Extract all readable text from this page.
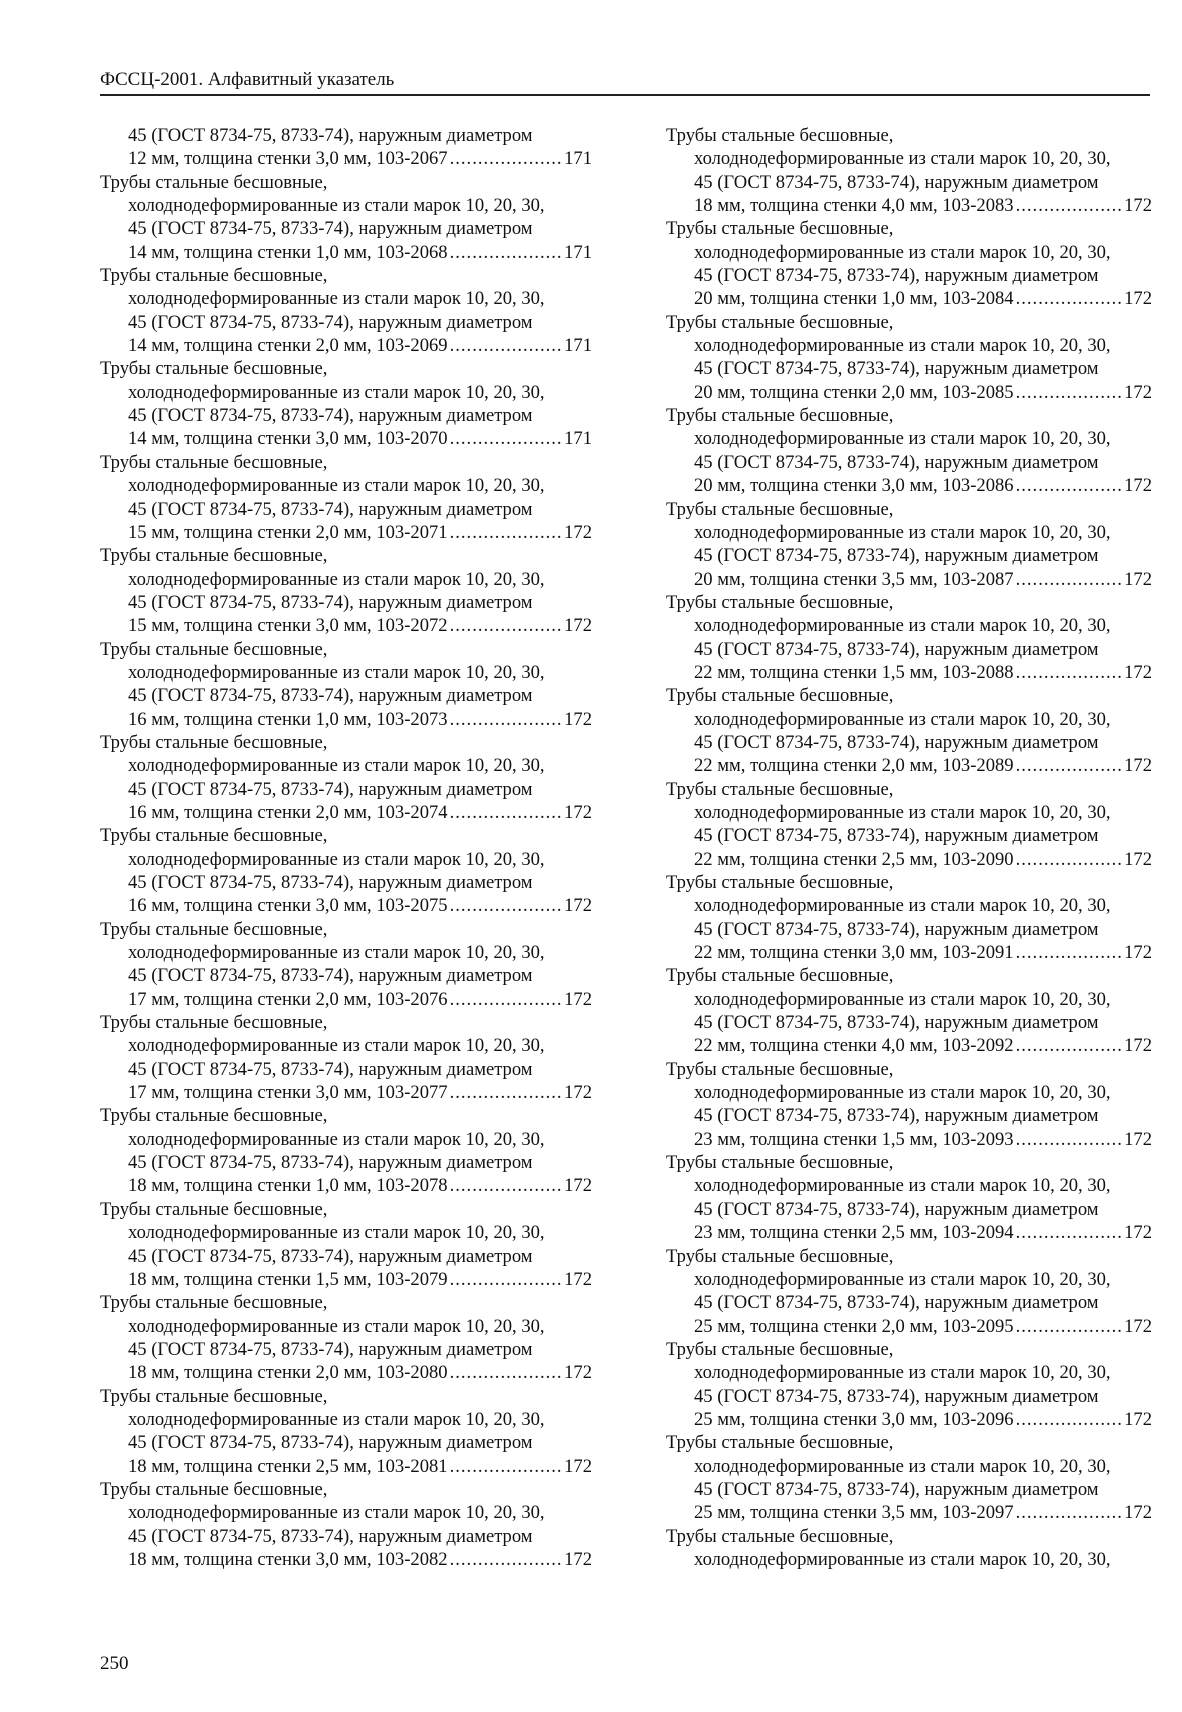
ФССЦ-2001. Алфавитный указатель
45 (ГОСТ 8734-75, 8733-74), наружным диаметром
12 мм, толщина стенки 3,0 мм, 103-2067 .....	171
Трубы стальные бесшовные,
холоднодеформированные из стали марок 10, 20, 30,
45 (ГОСТ 8734-75, 8733-74), наружным диаметром
14 мм, толщина стенки 1,0 мм, 103-2068 .....	171
Трубы стальные бесшовные,
холоднодеформированные из стали марок 10, 20, 30,
45 (ГОСТ 8734-75, 8733-74), наружным диаметром
14 мм, толщина стенки 2,0 мм, 103-2069 .....	171
Трубы стальные бесшовные,
холоднодеформированные из стали марок 10, 20, 30,
45 (ГОСТ 8734-75, 8733-74), наружным диаметром
14 мм, толщина стенки 3,0 мм, 103-2070 .....	171
Трубы стальные бесшовные,
холоднодеформированные из стали марок 10, 20, 30,
45 (ГОСТ 8734-75, 8733-74), наружным диаметром
15 мм, толщина стенки 2,0 мм, 103-2071 .....	172
Трубы стальные бесшовные,
холоднодеформированные из стали марок 10, 20, 30,
45 (ГОСТ 8734-75, 8733-74), наружным диаметром
15 мм, толщина стенки 3,0 мм, 103-2072 .....	172
Трубы стальные бесшовные,
холоднодеформированные из стали марок 10, 20, 30,
45 (ГОСТ 8734-75, 8733-74), наружным диаметром
16 мм, толщина стенки 1,0 мм, 103-2073 .....	172
Трубы стальные бесшовные,
холоднодеформированные из стали марок 10, 20, 30,
45 (ГОСТ 8734-75, 8733-74), наружным диаметром
16 мм, толщина стенки 2,0 мм, 103-2074 .....	172
Трубы стальные бесшовные,
холоднодеформированные из стали марок 10, 20, 30,
45 (ГОСТ 8734-75, 8733-74), наружным диаметром
16 мм, толщина стенки 3,0 мм, 103-2075 .....	172
Трубы стальные бесшовные,
холоднодеформированные из стали марок 10, 20, 30,
45 (ГОСТ 8734-75, 8733-74), наружным диаметром
17 мм, толщина стенки 2,0 мм, 103-2076 .....	172
Трубы стальные бесшовные,
холоднодеформированные из стали марок 10, 20, 30,
45 (ГОСТ 8734-75, 8733-74), наружным диаметром
17 мм, толщина стенки 3,0 мм, 103-2077 .....	172
Трубы стальные бесшовные,
холоднодеформированные из стали марок 10, 20, 30,
45 (ГОСТ 8734-75, 8733-74), наружным диаметром
18 мм, толщина стенки 1,0 мм, 103-2078 .....	172
Трубы стальные бесшовные,
холоднодеформированные из стали марок 10, 20, 30,
45 (ГОСТ 8734-75, 8733-74), наружным диаметром
18 мм, толщина стенки 1,5 мм, 103-2079 .....	172
Трубы стальные бесшовные,
холоднодеформированные из стали марок 10, 20, 30,
45 (ГОСТ 8734-75, 8733-74), наружным диаметром
18 мм, толщина стенки 2,0 мм, 103-2080 .....	172
Трубы стальные бесшовные,
холоднодеформированные из стали марок 10, 20, 30,
45 (ГОСТ 8734-75, 8733-74), наружным диаметром
18 мм, толщина стенки 2,5 мм, 103-2081 .....	172
Трубы стальные бесшовные,
холоднодеформированные из стали марок 10, 20, 30,
45 (ГОСТ 8734-75, 8733-74), наружным диаметром
18 мм, толщина стенки 3,0 мм, 103-2082 .....	172
Трубы стальные бесшовные,
холоднодеформированные из стали марок 10, 20, 30,
45 (ГОСТ 8734-75, 8733-74), наружным диаметром
18 мм, толщина стенки 4,0 мм, 103-2083 .....	172
Трубы стальные бесшовные,
холоднодеформированные из стали марок 10, 20, 30,
45 (ГОСТ 8734-75, 8733-74), наружным диаметром
20 мм, толщина стенки 1,0 мм, 103-2084 .....	172
Трубы стальные бесшовные,
холоднодеформированные из стали марок 10, 20, 30,
45 (ГОСТ 8734-75, 8733-74), наружным диаметром
20 мм, толщина стенки 2,0 мм, 103-2085 .....	172
Трубы стальные бесшовные,
холоднодеформированные из стали марок 10, 20, 30,
45 (ГОСТ 8734-75, 8733-74), наружным диаметром
20 мм, толщина стенки 3,0 мм, 103-2086 .....	172
Трубы стальные бесшовные,
холоднодеформированные из стали марок 10, 20, 30,
45 (ГОСТ 8734-75, 8733-74), наружным диаметром
20 мм, толщина стенки 3,5 мм, 103-2087 .....	172
Трубы стальные бесшовные,
холоднодеформированные из стали марок 10, 20, 30,
45 (ГОСТ 8734-75, 8733-74), наружным диаметром
22 мм, толщина стенки 1,5 мм, 103-2088 .....	172
Трубы стальные бесшовные,
холоднодеформированные из стали марок 10, 20, 30,
45 (ГОСТ 8734-75, 8733-74), наружным диаметром
22 мм, толщина стенки 2,0 мм, 103-2089 .....	172
Трубы стальные бесшовные,
холоднодеформированные из стали марок 10, 20, 30,
45 (ГОСТ 8734-75, 8733-74), наружным диаметром
22 мм, толщина стенки 2,5 мм, 103-2090 .....	172
Трубы стальные бесшовные,
холоднодеформированные из стали марок 10, 20, 30,
45 (ГОСТ 8734-75, 8733-74), наружным диаметром
22 мм, толщина стенки 3,0 мм, 103-2091 .....	172
Трубы стальные бесшовные,
холоднодеформированные из стали марок 10, 20, 30,
45 (ГОСТ 8734-75, 8733-74), наружным диаметром
22 мм, толщина стенки 4,0 мм, 103-2092 .....	172
Трубы стальные бесшовные,
холоднодеформированные из стали марок 10, 20, 30,
45 (ГОСТ 8734-75, 8733-74), наружным диаметром
23 мм, толщина стенки 1,5 мм, 103-2093 .....	172
Трубы стальные бесшовные,
холоднодеформированные из стали марок 10, 20, 30,
45 (ГОСТ 8734-75, 8733-74), наружным диаметром
23 мм, толщина стенки 2,5 мм, 103-2094 .....	172
Трубы стальные бесшовные,
холоднодеформированные из стали марок 10, 20, 30,
45 (ГОСТ 8734-75, 8733-74), наружным диаметром
25 мм, толщина стенки 2,0 мм, 103-2095 .....	172
Трубы стальные бесшовные,
холоднодеформированные из стали марок 10, 20, 30,
45 (ГОСТ 8734-75, 8733-74), наружным диаметром
25 мм, толщина стенки 3,0 мм, 103-2096 .....	172
Трубы стальные бесшовные,
холоднодеформированные из стали марок 10, 20, 30,
45 (ГОСТ 8734-75, 8733-74), наружным диаметром
25 мм, толщина стенки 3,5 мм, 103-2097 .....	172
Трубы стальные бесшовные,
холоднодеформированные из стали марок 10, 20, 30,
250
